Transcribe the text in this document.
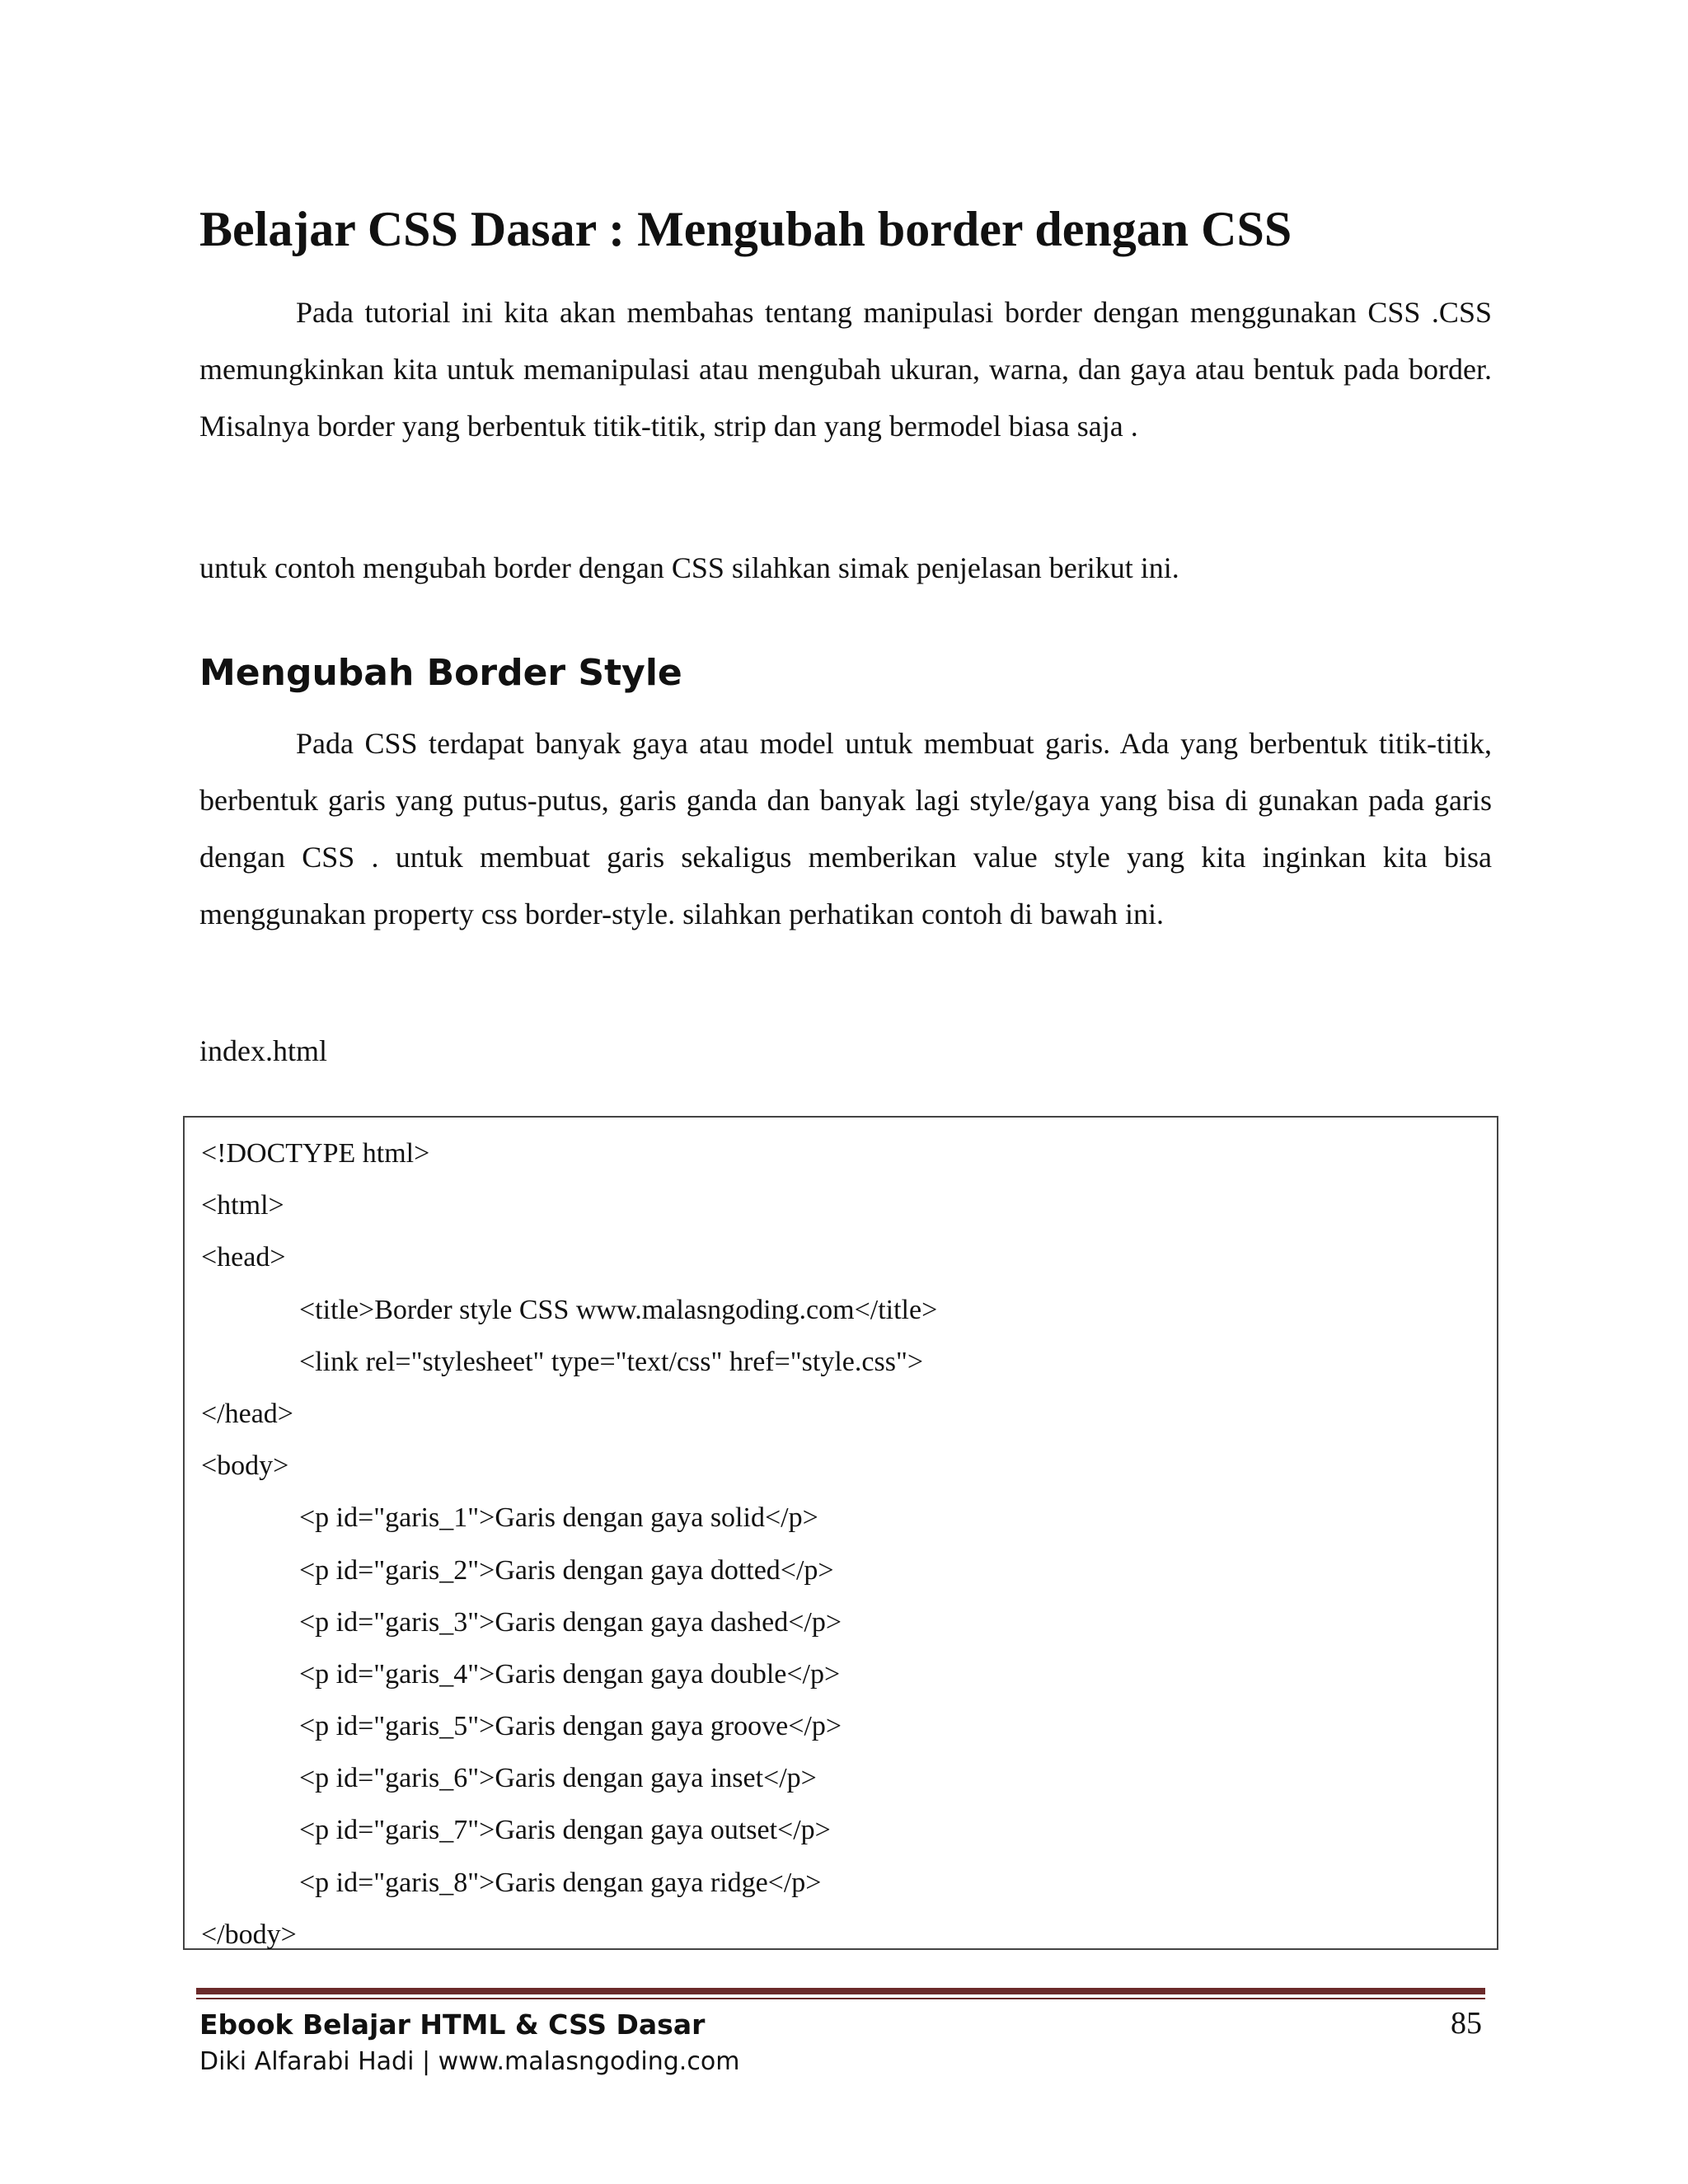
Belajar CSS Dasar : Mengubah border dengan CSS

Pada tutorial ini kita akan membahas tentang manipulasi border dengan menggunakan CSS .CSS memungkinkan kita untuk memanipulasi atau mengubah ukuran, warna, dan gaya atau bentuk pada border. Misalnya border yang berbentuk titik-titik, strip dan yang bermodel biasa saja .

untuk contoh mengubah border dengan CSS silahkan simak penjelasan berikut ini.

Mengubah Border Style

Pada CSS terdapat banyak gaya atau model untuk membuat garis. Ada yang berbentuk titik-titik, berbentuk garis yang putus-putus, garis ganda dan banyak lagi style/gaya yang bisa di gunakan pada garis dengan CSS . untuk membuat garis sekaligus memberikan value style yang kita inginkan kita bisa menggunakan property css border-style. silahkan perhatikan contoh di bawah ini.

index.html

<!DOCTYPE html>
<html>
<head>
<title>Border style CSS www.malasngoding.com</title>
<link rel="stylesheet" type="text/css" href="style.css">
</head>
<body>
<p id="garis_1">Garis dengan gaya solid</p>
<p id="garis_2">Garis dengan gaya dotted</p>
<p id="garis_3">Garis dengan gaya dashed</p>
<p id="garis_4">Garis dengan gaya double</p>
<p id="garis_5">Garis dengan gaya groove</p>
<p id="garis_6">Garis dengan gaya inset</p>
<p id="garis_7">Garis dengan gaya outset</p>
<p id="garis_8">Garis dengan gaya ridge</p>
</body>

Ebook Belajar HTML & CSS Dasar

Diki Alfarabi Hadi | www.malasngoding.com

85
